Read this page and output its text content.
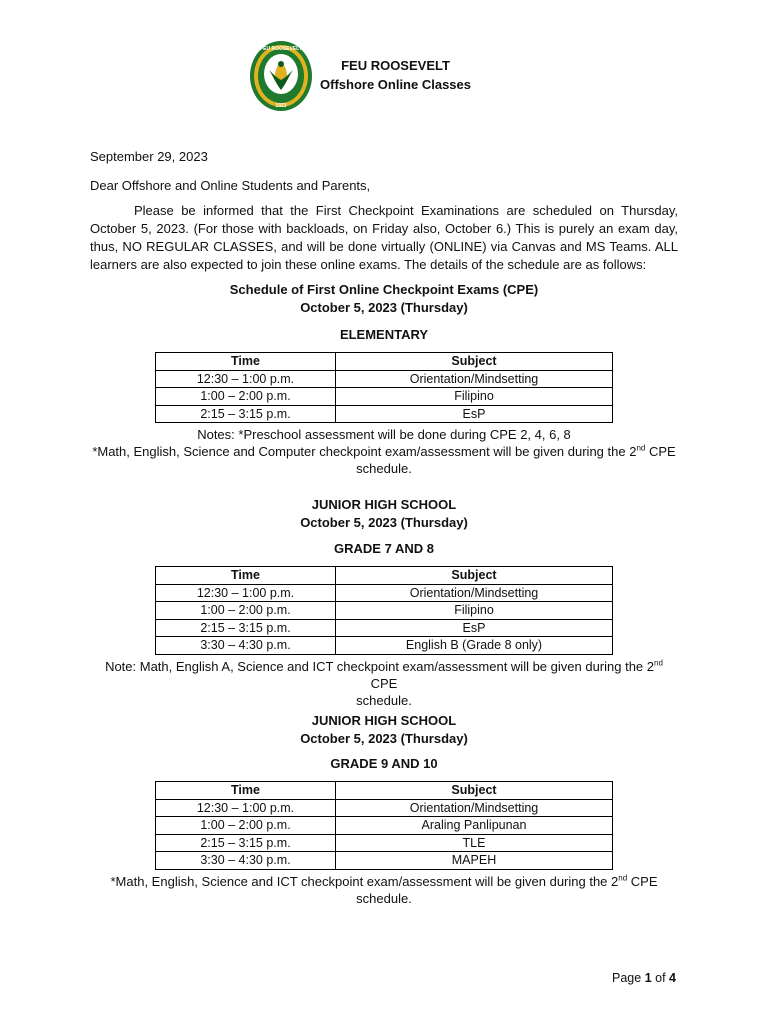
FEU ROOSEVELT
1923
FEU ROOSEVELT
Offshore Online Classes
September 29, 2023
Dear Offshore and Online Students and Parents,
Please be informed that the First Checkpoint Examinations are scheduled on Thursday, October 5, 2023. (For those with backloads, on Friday also, October 6.) This is purely an exam day, thus, NO REGULAR CLASSES, and will be done virtually (ONLINE) via Canvas and MS Teams. ALL learners are also expected to join these online exams. The details of the schedule are as follows:
Schedule of First Online Checkpoint Exams (CPE)
October 5, 2023 (Thursday)
ELEMENTARY
Time	Subject
12:30 – 1:00 p.m.	Orientation/Mindsetting
1:00 – 2:00 p.m.	Filipino
2:15 – 3:15 p.m.	EsP
Notes: *Preschool assessment will be done during CPE 2, 4, 6, 8
*Math, English, Science and Computer checkpoint exam/assessment will be given during the 2nd CPE
schedule.
JUNIOR HIGH SCHOOL
October 5, 2023 (Thursday)
GRADE 7 AND 8
Time	Subject
12:30 – 1:00 p.m.	Orientation/Mindsetting
1:00 – 2:00 p.m.	Filipino
2:15 – 3:15 p.m.	EsP
3:30 – 4:30 p.m.	English B (Grade 8 only)
Note: Math, English A, Science and ICT checkpoint exam/assessment will be given during the 2nd CPE
schedule.
JUNIOR HIGH SCHOOL
October 5, 2023 (Thursday)
GRADE 9 AND 10
Time	Subject
12:30 – 1:00 p.m.	Orientation/Mindsetting
1:00 – 2:00 p.m.	Araling Panlipunan
2:15 – 3:15 p.m.	TLE
3:30 – 4:30 p.m.	MAPEH
*Math, English, Science and ICT checkpoint exam/assessment will be given during the 2nd CPE schedule.
Page 1 of 4
